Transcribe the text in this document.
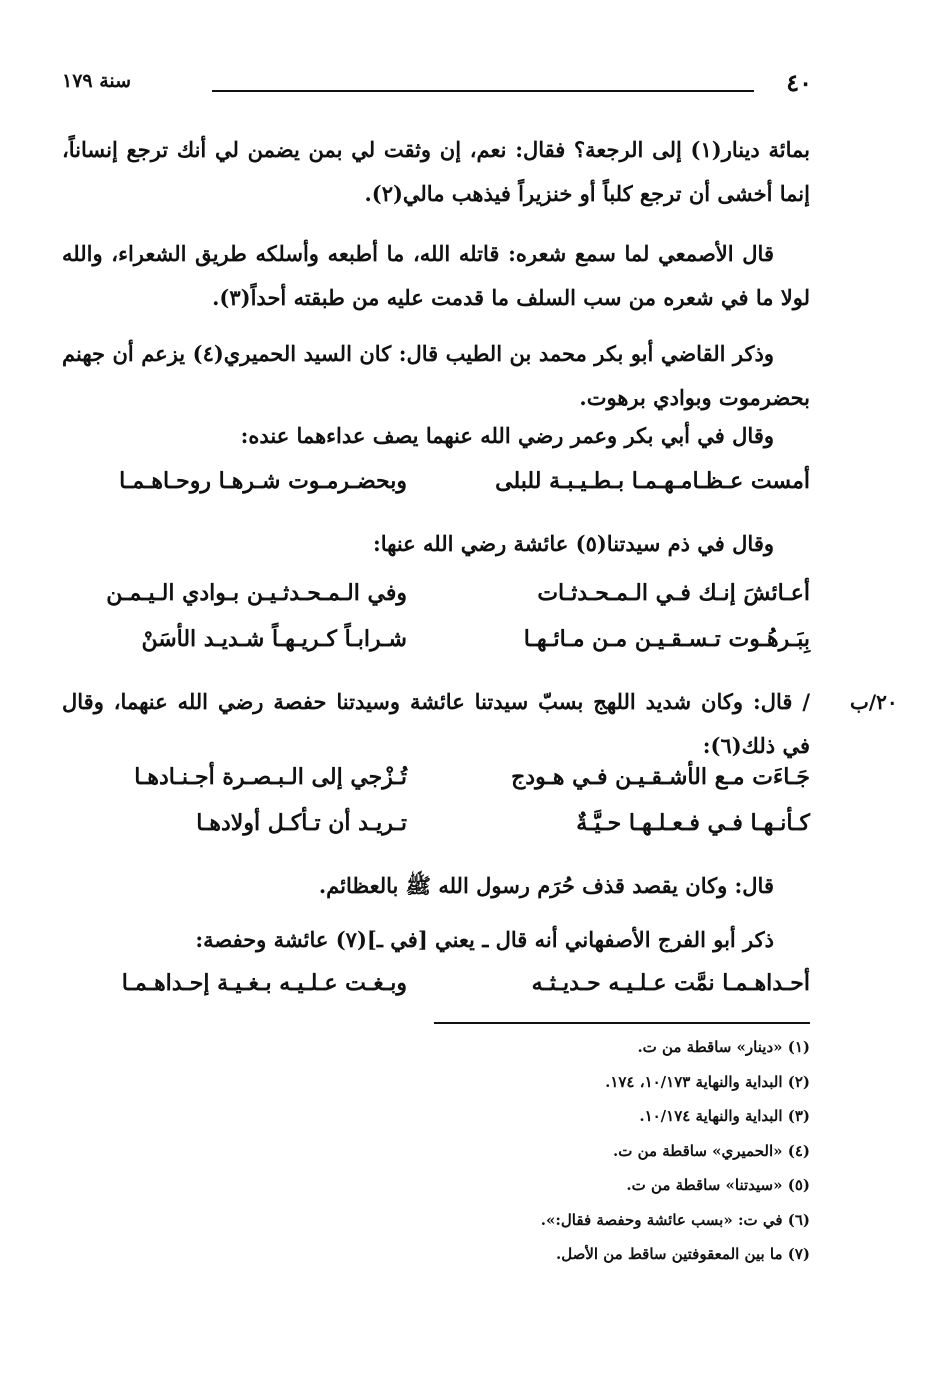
٤٠
سنة ١٧٩
٢٠/ب
بمائة دينار(١) إلى الرجعة؟ فقال: نعم، إن وثقت لي بمن يضمن لي أنك ترجع إنساناً، إنما أخشى أن ترجع كلباً أو خنزيراً فيذهب مالي(٢).
قال الأصمعي لما سمع شعره: قاتله الله، ما أطبعه وأسلكه طريق الشعراء، والله لولا ما في شعره من سب السلف ما قدمت عليه من طبقته أحداً(٣).
وذكر القاضي أبو بكر محمد بن الطيب قال: كان السيد الحميري(٤) يزعم أن جهنم بحضرموت وبوادي برهوت.
وقال في أبي بكر وعمر رضي الله عنهما يصف عداءهما عنده:
أمست عـظـامـهـمـا بـطـيـبـة للبلى
وبحضـرمـوت شـرهـا روحـاهـمـا
وقال في ذم سيدتنا(٥) عائشة رضي الله عنها:
أعـائشَ إنـك فـي الـمـحـدثـات
وفي الـمـحـدثـيـن بـوادي الـيـمـن
بِبَـرهُـوت تـسـقـيـن مـن مـائـهـا
شـرابـاً كـريـهـاً شـديـد الأسَنْ
/ قال: وكان شديد اللهج بسبّ سيدتنا عائشة وسيدتنا حفصة رضي الله عنهما، وقال في ذلك(٦):
جَـاءَت مـع الأشـقـيـن فـي هـودج
تُـزْجي إلى الـبـصـرة أجـنـادهـا
كـأنـهـا فـي فـعـلـهـا حـيَّـةٌ
تـريـد أن تـأكـل أولادهـا
قال: وكان يقصد قذف حُرَم رسول الله ﷺ بالعظائم.
ذكر أبو الفرج الأصفهاني أنه قال ـ يعني [في ـ](٧) عائشة وحفصة:
أحـداهـمـا نمَّت عـلـيـه حـديـثـه
وبـغـت عـلـيـه بـغـيـة إحـداهـمـا
(١) «دينار» ساقطة من ت.
(٢) البداية والنهاية ١٠/١٧٣، ١٧٤.
(٣) البداية والنهاية ١٠/١٧٤.
(٤) «الحميري» ساقطة من ت.
(٥) «سيدتنا» ساقطة من ت.
(٦) في ت: «بسب عائشة وحفصة فقال:».
(٧) ما بين المعقوفتين ساقط من الأصل.
